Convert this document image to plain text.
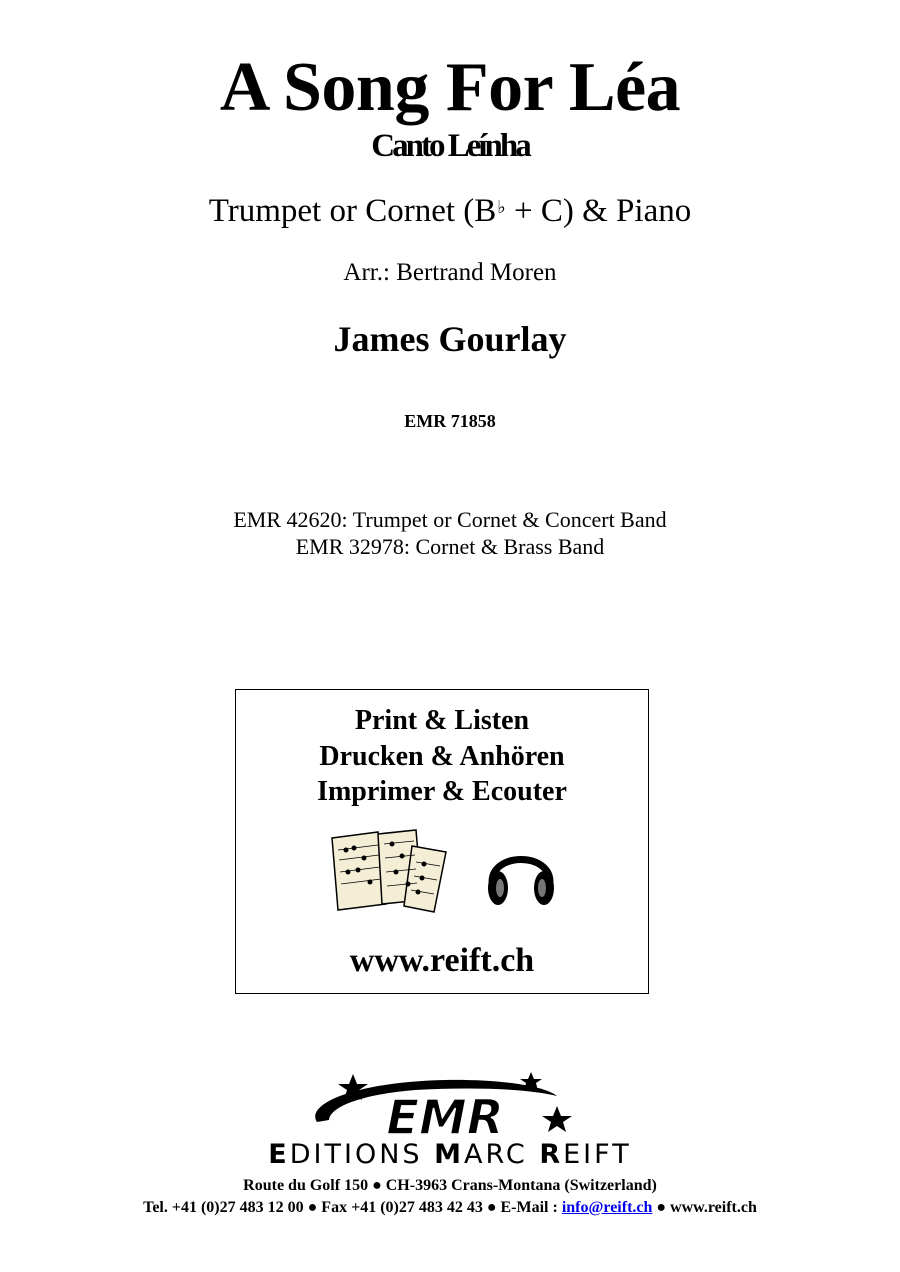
A Song For Léa
Canto Leínha
Trumpet or Cornet (B♭ + C) & Piano
Arr.: Bertrand Moren
James Gourlay
EMR 71858
EMR 42620: Trumpet or Cornet & Concert Band
EMR 32978: Cornet & Brass Band
Print & Listen
Drucken & Anhören
Imprimer & Ecouter
www.reift.ch
EMR
EDITIONS MARC REIFT
Route du Golf 150 ● CH-3963 Crans-Montana (Switzerland)
Tel. +41 (0)27 483 12 00 ● Fax +41 (0)27 483 42 43 ● E-Mail : info@reift.ch ● www.reift.ch
